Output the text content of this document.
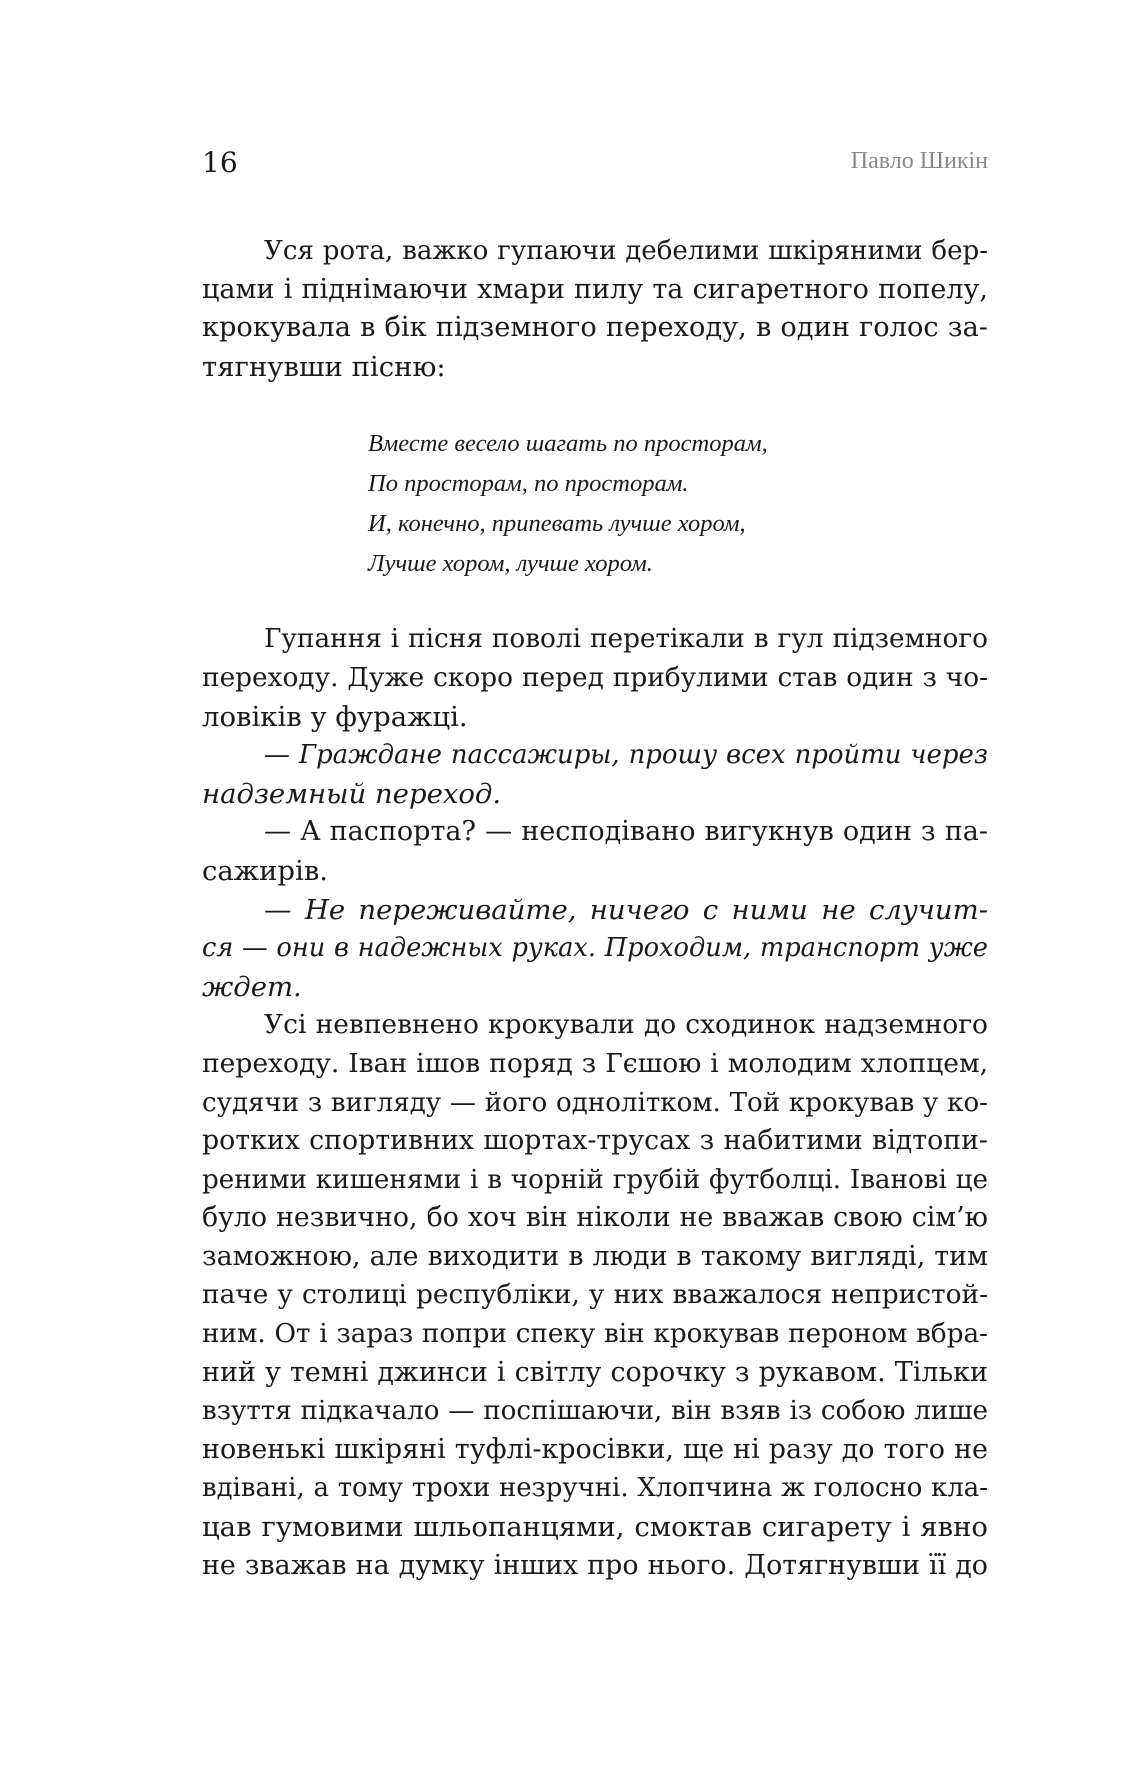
16	Павло Шикін
Уся рота, важко гупаючи дебелими шкіряними бер-
цами і піднімаючи хмари пилу та сигаретного попелу,
крокувала в бік підземного переходу, в один голос за-
тягнувши пісню:
Вместе весело шагать по просторам,
По просторам, по просторам.
И, конечно, припевать лучше хором,
Лучше хором, лучше хором.
Гупання і пісня поволі перетікали в гул підземного
переходу. Дуже скоро перед прибулими став один з чо-
ловіків у фуражці.
— Граждане пассажиры, прошу всех пройти через
надземный переход.
— А паспорта? — несподівано вигукнув один з па-
сажирів.
— Не переживайте, ничего с ними не случит-
ся — они в надежных руках. Проходим, транспорт уже
ждет.
Усі невпевнено крокували до сходинок надземного
переходу. Іван ішов поряд з Гєшою і молодим хлопцем,
судячи з вигляду — його однолітком. Той крокував у ко-
ротких спортивних шортах-трусах з набитими відтопи-
реними кишенями і в чорній грубій футболці. Іванові це
було незвично, бо хоч він ніколи не вважав свою сім’ю
заможною, але виходити в люди в такому вигляді, тим
паче у столиці республіки, у них вважалося непристой-
ним. От і зараз попри спеку він крокував пероном вбра-
ний у темні джинси і світлу сорочку з рукавом. Тільки
взуття підкачало — поспішаючи, він взяв із собою лише
новенькі шкіряні туфлі-кросівки, ще ні разу до того не
вдівані, а тому трохи незручні. Хлопчина ж голосно кла-
цав гумовими шльопанцями, смоктав сигарету і явно
не зважав на думку інших про нього. Дотягнувши її до
